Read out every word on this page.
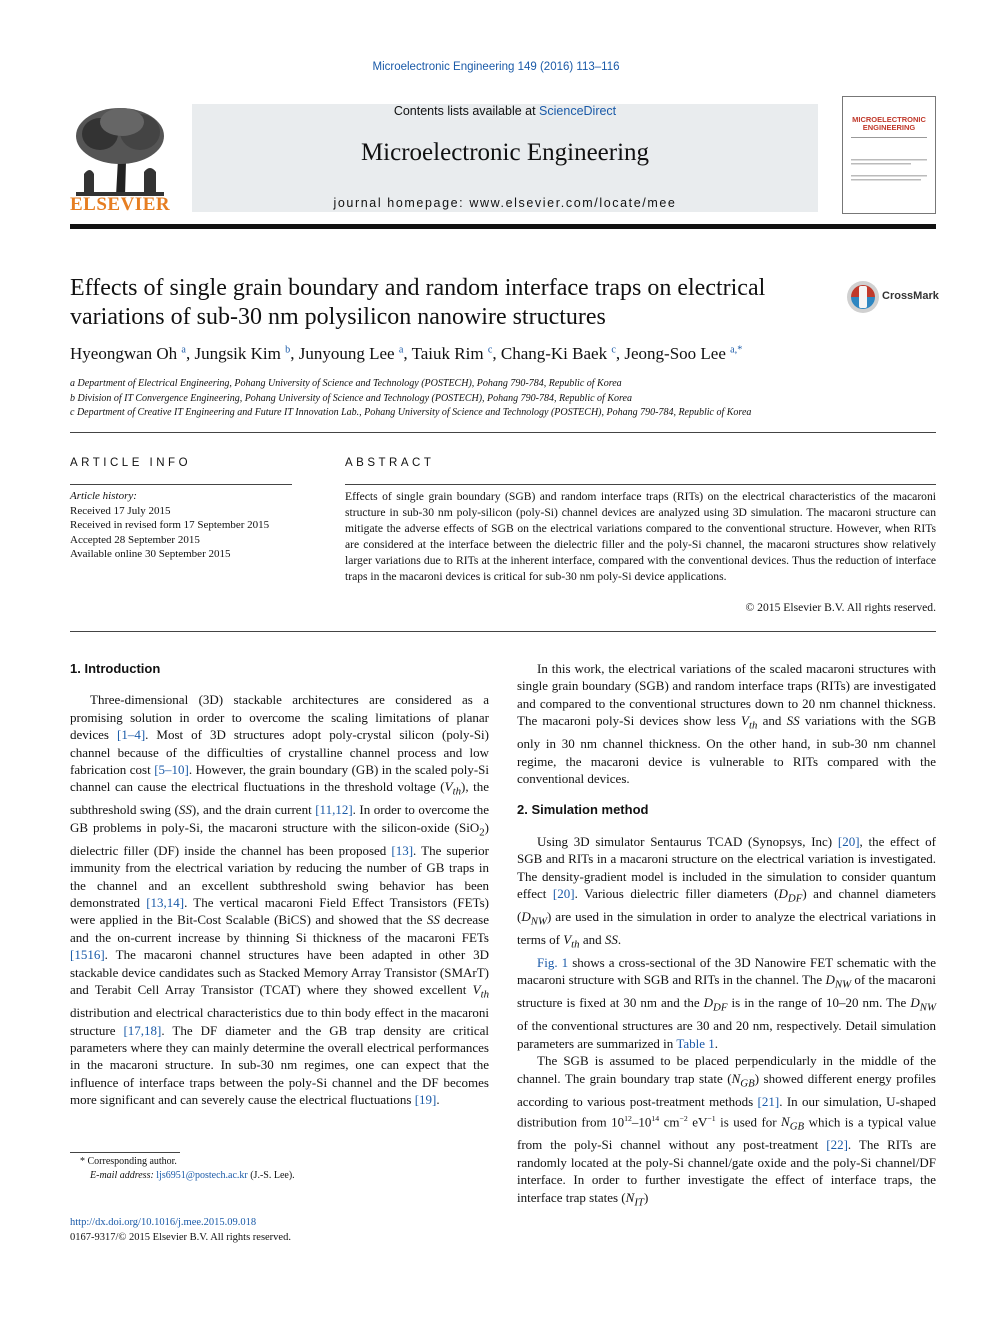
Microelectronic Engineering 149 (2016) 113–116
ELSEVIER
Contents lists available at ScienceDirect
Microelectronic Engineering
journal homepage: www.elsevier.com/locate/mee
MICROELECTRONIC
ENGINEERING
Effects of single grain boundary and random interface traps on electrical variations of sub-30 nm polysilicon nanowire structures
CrossMark
Hyeongwan Oh $^a$, Jungsik Kim $^b$, Junyoung Lee $^a$, Taiuk Rim $^c$, Chang-Ki Baek $^c$, Jeong-Soo Lee $^{a,*}$
a Department of Electrical Engineering, Pohang University of Science and Technology (POSTECH), Pohang 790-784, Republic of Korea
b Division of IT Convergence Engineering, Pohang University of Science and Technology (POSTECH), Pohang 790-784, Republic of Korea
c Department of Creative IT Engineering and Future IT Innovation Lab., Pohang University of Science and Technology (POSTECH), Pohang 790-784, Republic of Korea
ARTICLE INFO
Article history:
Received 17 July 2015
Received in revised form 17 September 2015
Accepted 28 September 2015
Available online 30 September 2015
ABSTRACT
Effects of single grain boundary (SGB) and random interface traps (RITs) on the electrical characteristics of the macaroni structure in sub-30 nm poly-silicon (poly-Si) channel devices are analyzed using 3D simulation. The macaroni structure can mitigate the adverse effects of SGB on the electrical variations compared to the conventional structure. However, when RITs are considered at the interface between the dielectric filler and the poly-Si channel, the macaroni structures show relatively larger variations due to RITs at the inherent interface, compared with the conventional devices. Thus the reduction of interface traps in the macaroni devices is critical for sub-30 nm poly-Si device applications.
© 2015 Elsevier B.V. All rights reserved.
1. Introduction

Three-dimensional (3D) stackable architectures are considered as a promising solution in order to overcome the scaling limitations of planar devices [1–4]. Most of 3D structures adopt poly-crystal silicon (poly-Si) channel because of the difficulties of crystalline channel process and low fabrication cost [5–10]. However, the grain boundary (GB) in the scaled poly-Si channel can cause the electrical fluctuations in the threshold voltage $(V_{th})$, the subthreshold swing (SS), and the drain current [11,12]. In order to overcome the GB problems in poly-Si, the macaroni structure with the silicon-oxide (SiO$_2$) dielectric filler (DF) inside the channel has been proposed [13]. The superior immunity from the electrical variation by reducing the number of GB traps in the channel and an excellent subthreshold swing behavior has been demonstrated [13,14]. The vertical macaroni Field Effect Transistors (FETs) were applied in the Bit-Cost Scalable (BiCS) and showed that the SS decrease and the on-current increase by thinning Si thickness of the macaroni FETs [1516]. The macaroni channel structures have been adapted in other 3D stackable device candidates such as Stacked Memory Array Transistor (SMArT) and Terabit Cell Array Transistor (TCAT) where they showed excellent $V_{th}$ distribution and electrical characteristics due to thin body effect in the macaroni structure [17,18]. The DF diameter and the GB trap density are critical parameters where they can mainly determine the overall electrical performances in the macaroni structure. In sub-30 nm regimes, one can expect that the influence of interface traps between the poly-Si channel and the DF becomes more significant and can severely cause the electrical fluctuations [19].

In this work, the electrical variations of the scaled macaroni structures with single grain boundary (SGB) and random interface traps (RITs) are investigated and compared to the conventional structures down to 20 nm channel thickness. The macaroni poly-Si devices show less $V_{th}$ and SS variations with the SGB only in 30 nm channel thickness. On the other hand, in sub-30 nm channel regime, the macaroni device is vulnerable to RITs compared with the conventional devices.

2. Simulation method

Using 3D simulator Sentaurus TCAD (Synopsys, Inc) [20], the effect of SGB and RITs in a macaroni structure on the electrical variation is investigated. The density-gradient model is included in the simulation to consider quantum effect [20]. Various dielectric filler diameters $(D_{DF})$ and channel diameters $(D_{NW})$ are used in the simulation in order to analyze the electrical variations in terms of $V_{th}$ and SS.

Fig. 1 shows a cross-sectional of the 3D Nanowire FET schematic with the macaroni structure with SGB and RITs in the channel. The $D_{NW}$ of the macaroni structure is fixed at 30 nm and the $D_{DF}$ is in the range of 10–20 nm. The $D_{NW}$ of the conventional structures are 30 and 20 nm, respectively. Detail simulation parameters are summarized in Table 1.

The SGB is assumed to be placed perpendicularly in the middle of the channel. The grain boundary trap state $(N_{GB})$ showed different energy profiles according to various post-treatment methods [21]. In our simulation, U-shaped distribution from $10^{12}-10^{14}$ $cm^{-2}$ $eV^{-1}$ is used for $N_{GB}$ which is a typical value from the poly-Si channel without any post-treatment [22]. The RITs are randomly located at the poly-Si channel/gate oxide and the poly-Si channel/DF interface. In order to further investigate the effect of interface traps, the interface trap states $(N_{IT})$

* Corresponding author.
E-mail address: ljs6951@postech.ac.kr (J.-S. Lee).
http://dx.doi.org/10.1016/j.mee.2015.09.018
0167-9317/© 2015 Elsevier B.V. All rights reserved.
